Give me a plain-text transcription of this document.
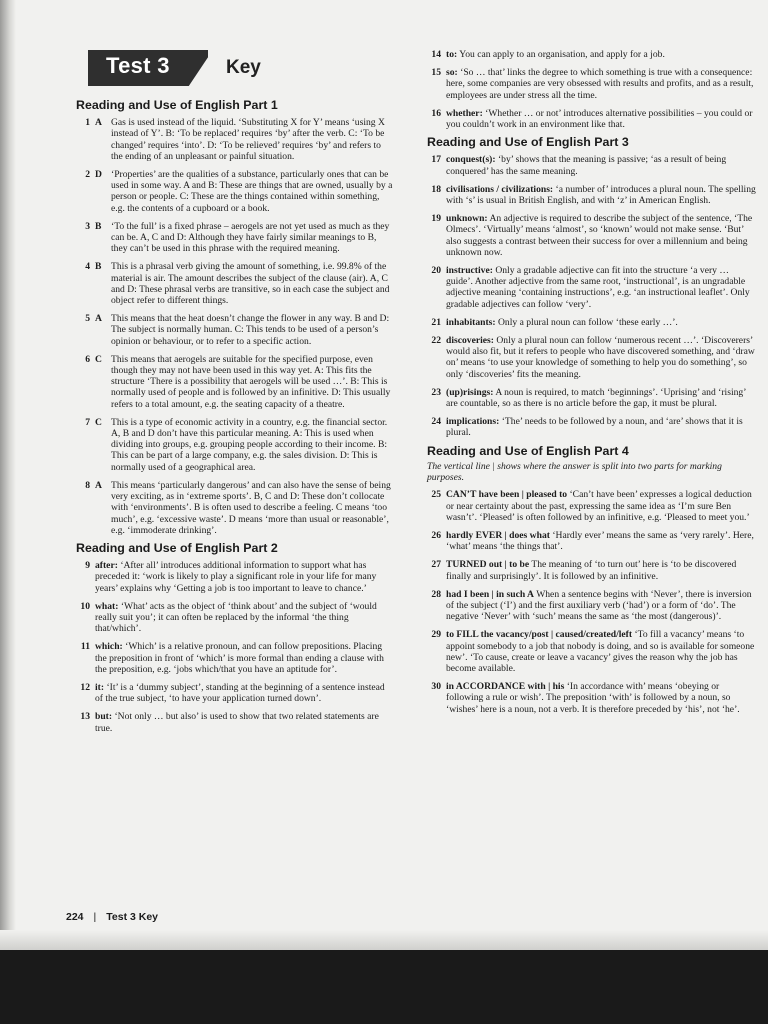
Test 3	Key
Reading and Use of English Part 1
1 A Gas is used instead of the liquid. ‘Substituting X for Y’ means ‘using X instead of Y’. B: ‘To be replaced’ requires ‘by’ after the verb. C: ‘To be changed’ requires ‘into’. D: ‘To be relieved’ requires ‘by’ and refers to the ending of an unpleasant or painful situation.
2 D ‘Properties’ are the qualities of a substance, particularly ones that can be used in some way. A and B: These are things that are owned, usually by a person or people. C: These are the things contained within something, e.g. the contents of a cupboard or a book.
3 B ‘To the full’ is a fixed phrase – aerogels are not yet used as much as they can be. A, C and D: Although they have fairly similar meanings to B, they can’t be used in this phrase with the required meaning.
4 B This is a phrasal verb giving the amount of something, i.e. 99.8% of the material is air. The amount describes the subject of the clause (air). A, C and D: These phrasal verbs are transitive, so in each case the subject and object refer to different things.
5 A This means that the heat doesn’t change the flower in any way. B and D: The subject is normally human. C: This tends to be used of a person’s opinion or behaviour, or to refer to a specific action.
6 C This means that aerogels are suitable for the specified purpose, even though they may not have been used in this way yet. A: This fits the structure ‘There is a possibility that aerogels will be used …’. B: This is normally used of people and is followed by an infinitive. D: This usually refers to a total amount, e.g. the seating capacity of a theatre.
7 C This is a type of economic activity in a country, e.g. the financial sector. A, B and D don’t have this particular meaning. A: This is used when dividing into groups, e.g. grouping people according to their income. B: This can be part of a large company, e.g. the sales division. D: This is normally used of a geographical area.
8 A This means ‘particularly dangerous’ and can also have the sense of being very exciting, as in ‘extreme sports’. B, C and D: These don’t collocate with ‘environments’. B is often used to describe a feeling. C means ‘too much’, e.g. ‘excessive waste’. D means ‘more than usual or reasonable’, e.g. ‘immoderate drinking’.
Reading and Use of English Part 2
9 after: ‘After all’ introduces additional information to support what has preceded it: ‘work is likely to play a significant role in your life for many years’ explains why ‘Getting a job is too important to leave to chance.’
10 what: ‘What’ acts as the object of ‘think about’ and the subject of ‘would really suit you’; it can often be replaced by the informal ‘the thing that/which’.
11 which: ‘Which’ is a relative pronoun, and can follow prepositions. Placing the preposition in front of ‘which’ is more formal than ending a clause with the preposition, e.g. ‘jobs which/that you have an aptitude for’.
12 it: ‘It’ is a ‘dummy subject’, standing at the beginning of a sentence instead of the true subject, ‘to have your application turned down’.
13 but: ‘Not only … but also’ is used to show that two related statements are true.
14 to: You can apply to an organisation, and apply for a job.
15 so: ‘So … that’ links the degree to which something is true with a consequence: here, some companies are very obsessed with results and profits, and as a result, employees are under stress all the time.
16 whether: ‘Whether … or not’ introduces alternative possibilities – you could or you couldn’t work in an environment like that.
Reading and Use of English Part 3
17 conquest(s): ‘by’ shows that the meaning is passive; ‘as a result of being conquered’ has the same meaning.
18 civilisations / civilizations: ‘a number of’ introduces a plural noun. The spelling with ‘s’ is usual in British English, and with ‘z’ in American English.
19 unknown: An adjective is required to describe the subject of the sentence, ‘The Olmecs’. ‘Virtually’ means ‘almost’, so ‘known’ would not make sense. ‘But’ also suggests a contrast between their success for over a millennium and being unknown now.
20 instructive: Only a gradable adjective can fit into the structure ‘a very … guide’. Another adjective from the same root, ‘instructional’, is an ungradable adjective meaning ‘containing instructions’, e.g. ‘an instructional leaflet’. Only gradable adjectives can follow ‘very’.
21 inhabitants: Only a plural noun can follow ‘these early …’.
22 discoveries: Only a plural noun can follow ‘numerous recent …’. ‘Discoverers’ would also fit, but it refers to people who have discovered something, and ‘draw on’ means ‘to use your knowledge of something to help you do something’, so only ‘discoveries’ fits the meaning.
23 (up)risings: A noun is required, to match ‘beginnings’. ‘Uprising’ and ‘rising’ are countable, so as there is no article before the gap, it must be plural.
24 implications: ‘The’ needs to be followed by a noun, and ‘are’ shows that it is plural.
Reading and Use of English Part 4
The vertical line | shows where the answer is split into two parts for marking purposes.
25 CAN’T have been | pleased to ‘Can’t have been’ expresses a logical deduction or near certainty about the past, expressing the same idea as ‘I’m sure Ben wasn’t’. ‘Pleased’ is often followed by an infinitive, e.g. ‘Pleased to meet you.’
26 hardly EVER | does what ‘Hardly ever’ means the same as ‘very rarely’. Here, ‘what’ means ‘the things that’.
27 TURNED out | to be The meaning of ‘to turn out’ here is ‘to be discovered finally and surprisingly’. It is followed by an infinitive.
28 had I been | in such A When a sentence begins with ‘Never’, there is inversion of the subject (‘I’) and the first auxiliary verb (‘had’) or a form of ‘do’. The negative ‘Never’ with ‘such’ means the same as ‘the most (dangerous)’.
29 to FILL the vacancy/post | caused/created/left ‘To fill a vacancy’ means ‘to appoint somebody to a job that nobody is doing, and so is available for someone new’. ‘To cause, create or leave a vacancy’ gives the reason why the job has become available.
30 in ACCORDANCE with | his ‘In accordance with’ means ‘obeying or following a rule or wish’. The preposition ‘with’ is followed by a noun, so ‘wishes’ here is a noun, not a verb. It is therefore preceded by ‘his’, not ‘he’.
224 | Test 3 Key
